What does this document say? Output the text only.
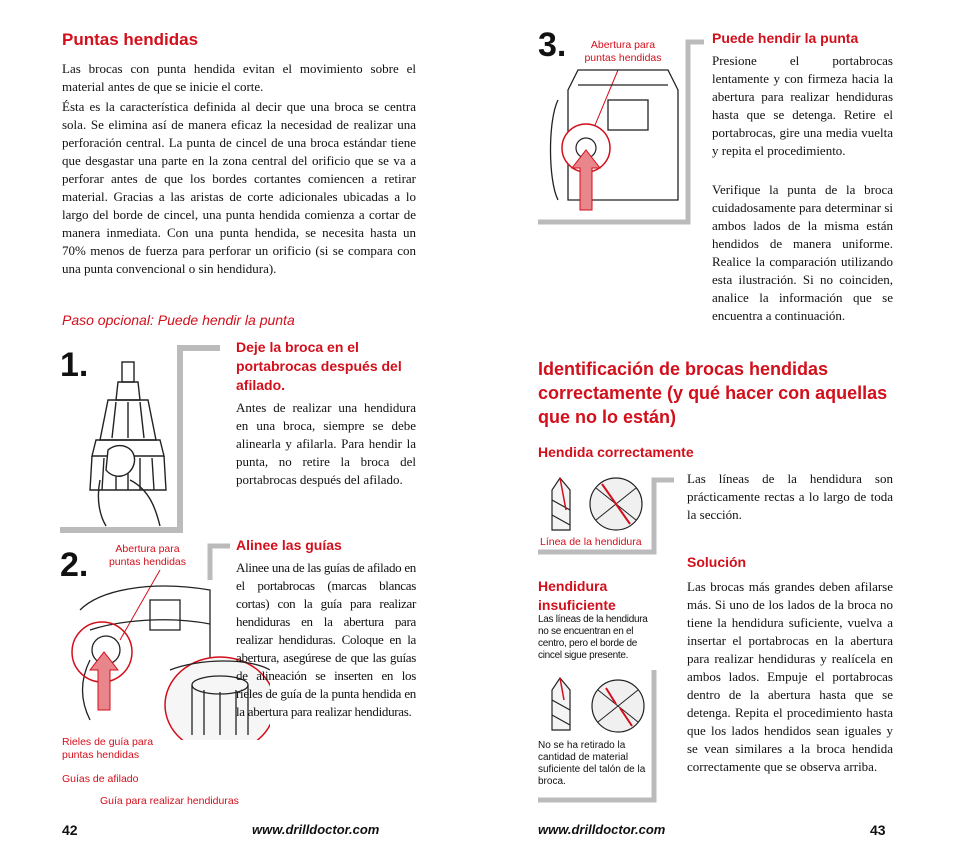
Puntas hendidas
Las brocas con punta hendida evitan el movimiento sobre el material antes de que se inicie el corte.
Ésta es la característica definida al decir que una broca se centra sola. Se elimina así de manera eficaz la necesidad de realizar una perforación central. La punta de cincel de una broca estándar tiene que desgastar una parte en la zona central del orificio que se va a perforar antes de que los bordes cortantes comiencen a retirar material. Gracias a las aristas de corte adicionales ubicadas a lo largo del borde de cincel, una punta hendida comienza a cortar de manera inmediata. Con una punta hendida, se necesita hasta un 70% menos de fuerza para perforar un orificio (si se compara con una punta convencional o sin hendidura).
Paso opcional: Puede hendir la punta
1.	Deje la broca en el portabrocas después del afilado.
Antes de realizar una hendidura en una broca, siempre se debe alinearla y afilarla. Para hendir la punta, no retire la broca del portabrocas después del afilado.
2.	Abertura para puntas hendidas
Alinee las guías
Alinee una de las guías de afilado en el portabrocas (marcas blancas cortas) con la guía para realizar hendiduras en la abertura para realizar hendiduras. Coloque en la abertura, asegúrese de que las guías de alineación se inserten en los rieles de guía de la punta hendida en la abertura para realizar hendiduras.
Rieles de guía para puntas hendidas
Guías de afilado
Guía para realizar hendiduras
42	www.drilldoctor.com
3.	Abertura para puntas hendidas
Puede hendir la punta
Presione el portabrocas lentamente y con firmeza hacia la abertura para realizar hendiduras hasta que se detenga. Retire el portabrocas, gire una media vuelta y repita el procedimiento.
Verifique la punta de la broca cuidadosamente para determinar si ambos lados de la misma están hendidos de manera uniforme. Realice la comparación utilizando esta ilustración. Si no coinciden, analice la información que se encuentra a continuación.
Identificación de brocas hendidas correctamente (y qué hacer con aquellas que no lo están)
Hendida correctamente
Línea de la hendidura
Las líneas de la hendidura son prácticamente rectas a lo largo de toda la sección.
Hendidura insuficiente
Las líneas de la hendidura no se encuentran en el centro, pero el borde de cincel sigue presente.
No se ha retirado la cantidad de material suficiente del talón de la broca.
Solución
Las brocas más grandes deben afilarse más. Si uno de los lados de la broca no tiene la hendidura suficiente, vuelva a insertar el portabrocas en la abertura para realizar hendiduras y realícela en ambos lados. Empuje el portabrocas dentro de la abertura hasta que se detenga. Repita el procedimiento hasta que los lados hendidos sean iguales y se vean similares a la broca hendida correctamente que se observa arriba.
www.drilldoctor.com	43
